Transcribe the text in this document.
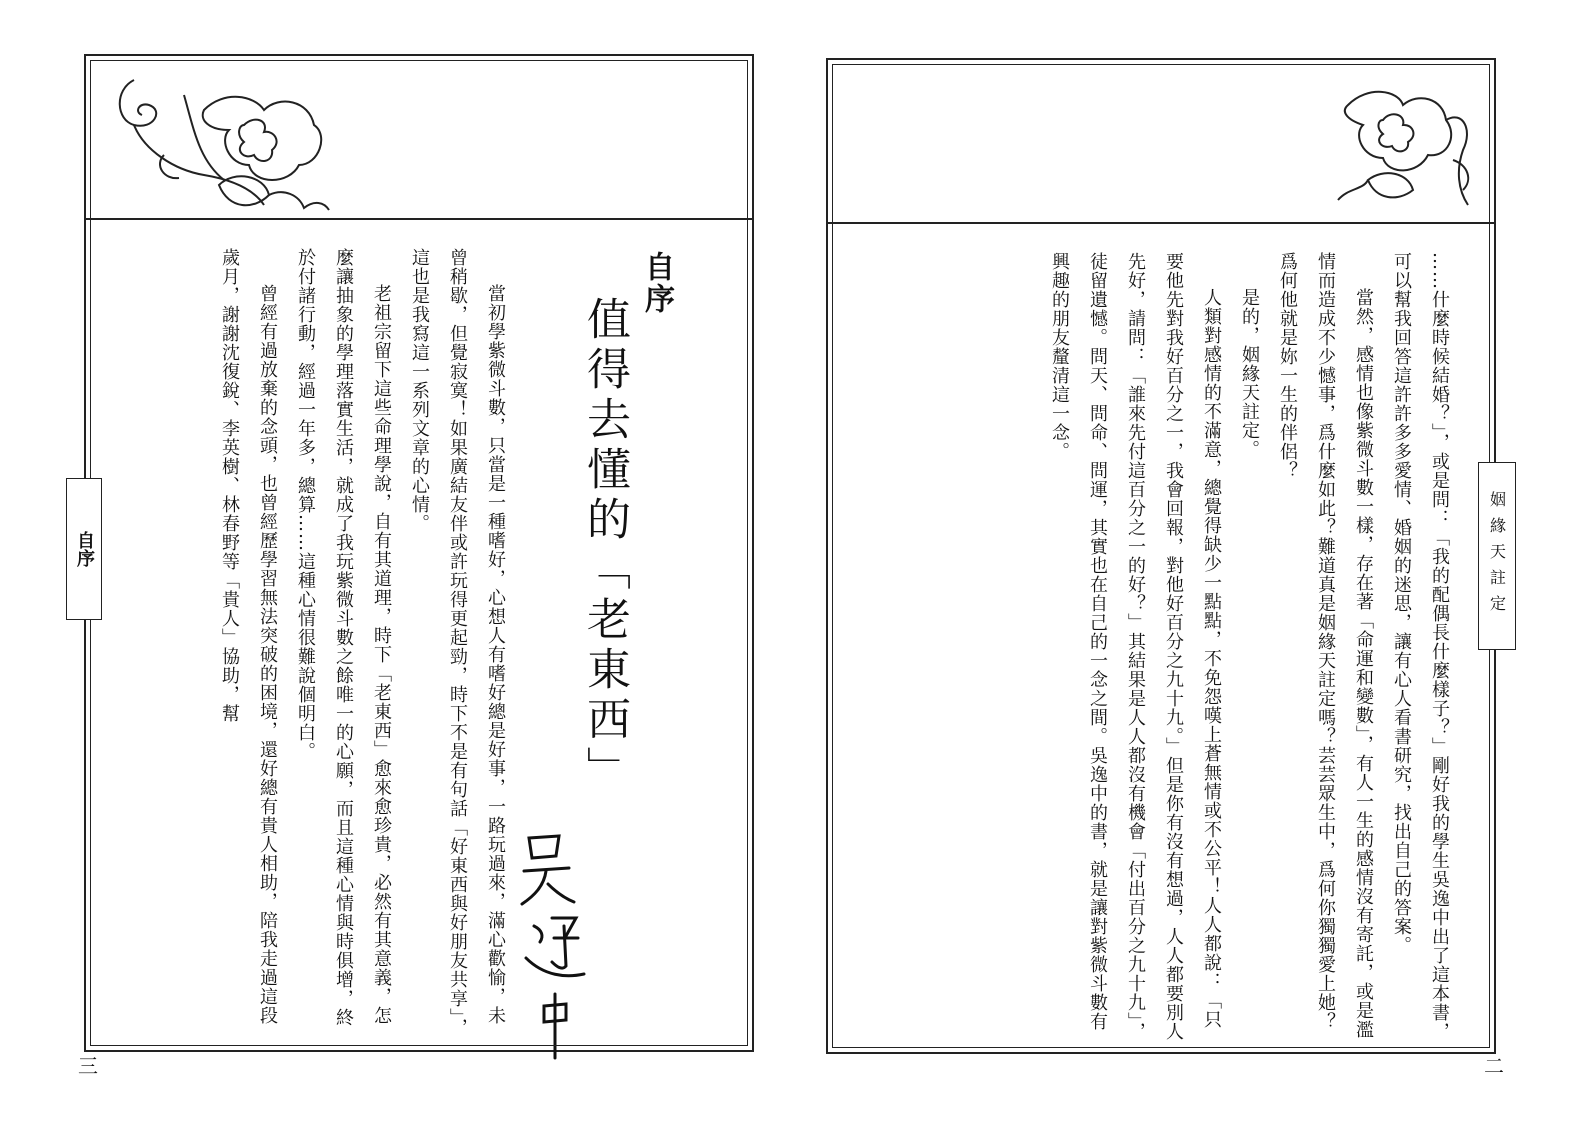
自序
值得去懂的「老東西」

當初學紫微斗數，只當是一種嗜好，心想人有嗜好總是好事，一路玩過來，滿心歡愉，未曾稍歇，但覺寂寞！如果廣結友伴或許玩得更起勁，時下不是有句話「好東西與好朋友共享」，這也是我寫這一系列文章的心情。

老祖宗留下這些命理學說，自有其道理，時下「老東西」愈來愈珍貴，必然有其意義，怎麼讓抽象的學理落實生活，就成了我玩紫微斗數之餘唯一的心願，而且這種心情與時俱增，終於付諸行動，經過一年多，總算……這種心情很難說個明白。

曾經有過放棄的念頭，也曾經歷學習無法突破的困境，還好總有貴人相助，陪我走過這段歲月，謝謝沈復銳、李英樹、林春野等「貴人」協助，幫

自序
三

……什麼時候結婚？」，或是問：「我的配偶長什麼樣子？」剛好我的學生吳逸中出了這本書，可以幫我回答這許許多多愛情、婚姻的迷思，讓有心人看書研究，找出自己的答案。

當然，感情也像紫微斗數一樣，存在著「命運和變數」，有人一生的感情沒有寄託，或是濫情而造成不少憾事，爲什麼如此？難道真是姻緣天註定嗎？芸芸眾生中，爲何你獨獨愛上她？爲何他就是妳一生的伴侶？

是的，姻緣天註定。

人類對感情的不滿意，總覺得缺少一點點，不免怨嘆上蒼無情或不公平！人人都說：「只要他先對我好百分之一，我會回報，對他好百分之九十九。」但是你有沒有想過，人人都要別人先好，請問：「誰來先付這百分之一的好？」其結果是人人都沒有機會「付出百分之九十九」，徒留遺憾。問天、問命、問運，其實也在自己的一念之間。吳逸中的書，就是讓對紫微斗數有興趣的朋友釐清這一念。

姻緣天註定
二
